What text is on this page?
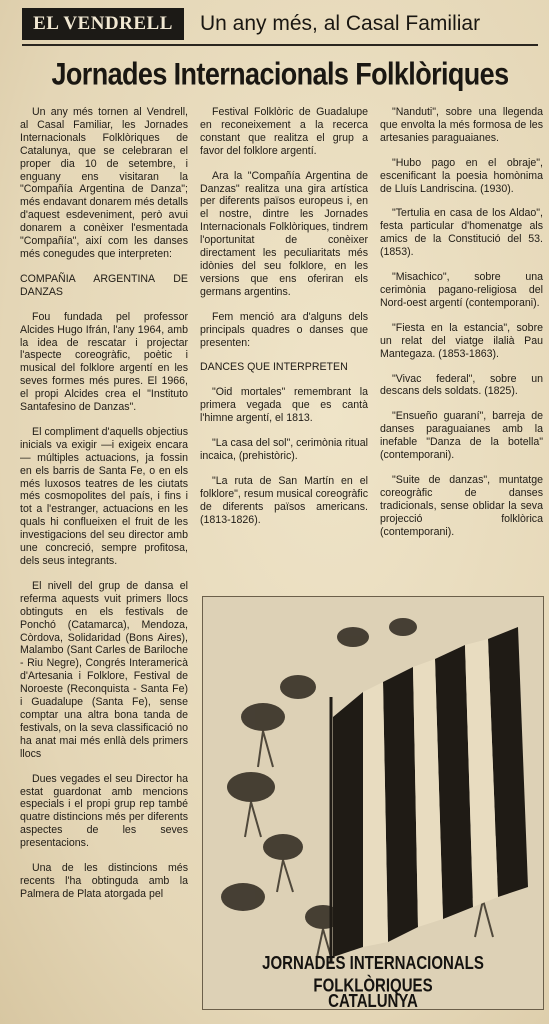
EL VENDRELL	Un any més, al Casal Familiar
Jornades Internacionals Folklòriques

Un any més tornen al Vendrell, al Casal Familiar, les Jornades Internacionals Folklòriques de Catalunya, que se celebraran el proper dia 10 de setembre, i enguany ens visitaran la "Compañía Argentina de Danza"; més endavant donarem més detalls d'aquest esdeveniment, però avui donarem a conèixer l'esmentada "Compañía", així com les danses més conegudes que interpreten:

COMPAÑIA ARGENTINA DE DANZAS

Fou fundada pel professor Alcides Hugo Ifrán, l'any 1964, amb la idea de rescatar i projectar l'aspecte coreogràfic, poètic i musical del folklore argentí en les seves formes més pures. El 1966, el propi Alcides crea el "Instituto Santafesino de Danzas".

El compliment d'aquells objectius inicials va exigir —i exigeix encara— múltiples actuacions, ja fossin en els barris de Santa Fe, o en els més luxosos teatres de les ciutats més cosmopolites del país, i fins i tot a l'estranger, actuacions en les quals hi conflueixen el fruit de les investigacions del seu director amb une concreció, sempre profitosa, dels seus integrants.

El nivell del grup de dansa el referma aquests vuit primers llocs obtinguts en els festivals de Ponchó (Catamarca), Mendoza, Còrdova, Solidaridad (Bons Aires), Malambo (Sant Carles de Bariloche - Riu Negre), Congrés Interamericà d'Artesania i Folklore, Festival de Noroeste (Reconquista - Santa Fe) i Guadalupe (Santa Fe), sense comptar una altra bona tanda de festivals, on la seva classificació no ha anat mai més enllà dels primers llocs

Dues vegades el seu Director ha estat guardonat amb mencions especials i el propi grup rep també quatre distincions més per diferents aspectes de les seves presentacions.

Una de les distincions més recents l'ha obtinguda amb la Palmera de Plata atorgada pel

Festival Folklòric de Guadalupe en reconeixement a la recerca constant que realitza el grup a favor del folklore argentí.

Ara la "Compañía Argentina de Danzas" realitza una gira artística per diferents països europeus i, en el nostre, dintre les Jornades Internacionals Folklòriques, tindrem l'oportunitat de conèixer directament les peculiaritats més idònies del seu folklore, en les versions que ens oferiran els germans argentins.

Fem menció ara d'alguns dels principals quadres o danses que presenten:

DANCES QUE INTERPRETEN

"Oid mortales" remembrant la primera vegada que es cantà l'himne argentí, el 1813.

"La casa del sol", cerimònia ritual incaica, (prehistòric).

"La ruta de San Martín en el folklore", resum musical coreogràfic de diferents països americans. (1813-1826).

"Nanduti", sobre una llegenda que envolta la més formosa de les artesanies paraguaianes.

"Hubo pago en el obraje", escenificant la poesia homònima de Lluís Landriscina. (1930).

"Tertulia en casa de los Aldao", festa particular d'homenatge als amics de la Constitució del 53. (1853).

"Misachico", sobre una cerimònia pagano-religiosa del Nord-oest argentí (contemporani).

"Fiesta en la estancia", sobre un relat del viatge ilalià Pau Mantegaza. (1853-1863).

"Vivac federal", sobre un descans dels soldats. (1825).

"Ensueño guaraní", barreja de danses paraguaianes amb la inefable "Danza de la botella" (contemporani).

"Suite de danzas", muntatge coreogràfic de danses tradicionals, sense oblidar la seva projecció folklòrica (contemporani).

JORNADES INTERNACIONALS FOLKLÒRIQUES
CATALUNYA
